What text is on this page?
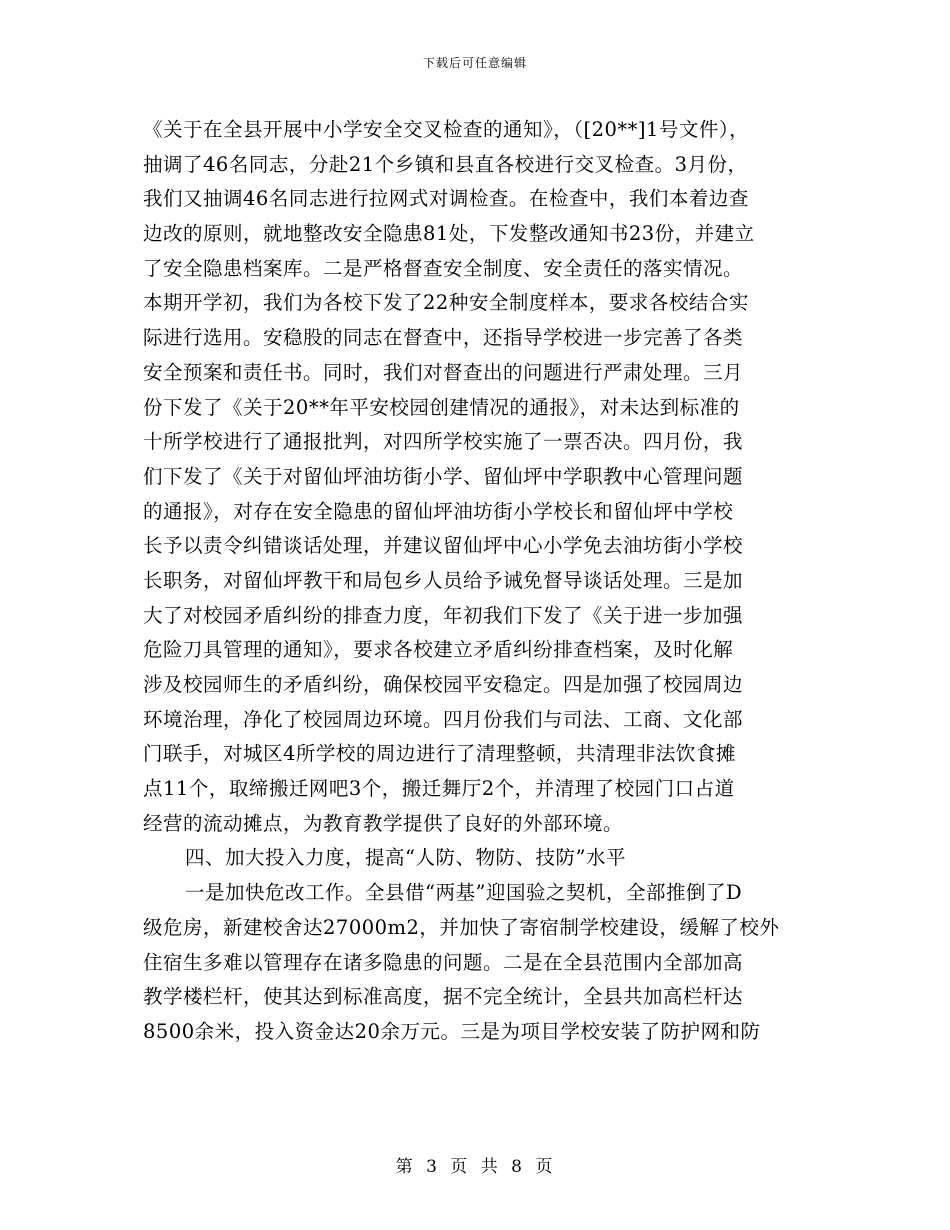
下载后可任意编辑
《关于在全县开展中小学安全交叉检查的通知》，（[20**]1号文件），
抽调了46名同志，分赴21个乡镇和县直各校进行交叉检查。3月份，
我们又抽调46名同志进行拉网式对调检查。在检查中，我们本着边查
边改的原则，就地整改安全隐患81处，下发整改通知书23份，并建立
了安全隐患档案库。二是严格督查安全制度、安全责任的落实情况。
本期开学初，我们为各校下发了22种安全制度样本，要求各校结合实
际进行选用。安稳股的同志在督查中，还指导学校进一步完善了各类
安全预案和责任书。同时，我们对督查出的问题进行严肃处理。三月
份下发了《关于20**年平安校园创建情况的通报》，对未达到标准的
十所学校进行了通报批判，对四所学校实施了一票否决。四月份，我
们下发了《关于对留仙坪油坊街小学、留仙坪中学职教中心管理问题
的通报》，对存在安全隐患的留仙坪油坊街小学校长和留仙坪中学校
长予以责令纠错谈话处理，并建议留仙坪中心小学免去油坊街小学校
长职务，对留仙坪教干和局包乡人员给予诫免督导谈话处理。三是加
大了对校园矛盾纠纷的排查力度，年初我们下发了《关于进一步加强
危险刀具管理的通知》，要求各校建立矛盾纠纷排查档案，及时化解
涉及校园师生的矛盾纠纷，确保校园平安稳定。四是加强了校园周边
环境治理，净化了校园周边环境。四月份我们与司法、工商、文化部
门联手，对城区4所学校的周边进行了清理整顿，共清理非法饮食摊
点11个，取缔搬迁网吧3个，搬迁舞厅2个，并清理了校园门口占道
经营的流动摊点，为教育教学提供了良好的外部环境。
四、加大投入力度，提高“人防、物防、技防”水平
一是加快危改工作。全县借“两基”迎国验之契机，全部推倒了D
级危房，新建校舍达27000m2，并加快了寄宿制学校建设，缓解了校外
住宿生多难以管理存在诸多隐患的问题。二是在全县范围内全部加高
教学楼栏杆，使其达到标准高度，据不完全统计，全县共加高栏杆达
8500余米，投入资金达20余万元。三是为项目学校安装了防护网和防
第 3 页 共 8 页
